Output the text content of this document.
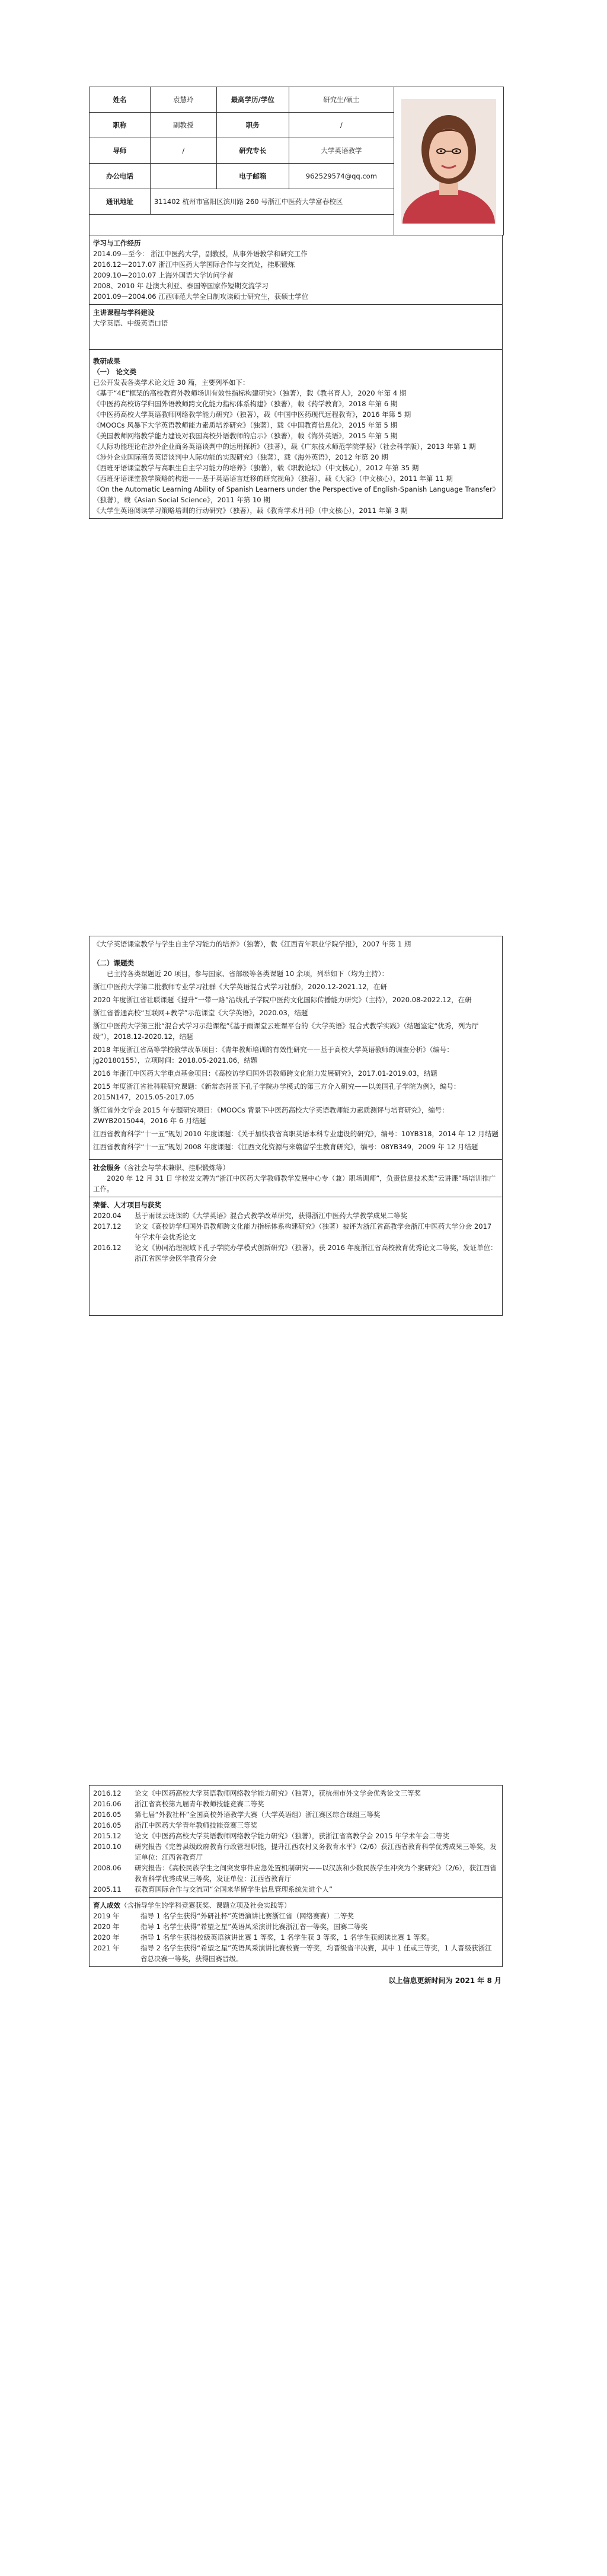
姓名	袁慧玲	最高学历/学位	研究生/硕士	

职称	副教授	职务	/	
导师	/	研究专长	大学英语教学	
办公电话		电子邮箱	962529574@qq.com	
通讯地址	311402 杭州市富阳区滨川路 260 号浙江中医药大学富春校区			

学习与工作经历
2014.09—至今： 浙江中医药大学，副教授，从事外语教学和研究工作
2016.12—2017.07 浙江中医药大学国际合作与交流处，挂职锻炼
2009.10—2010.07 上海外国语大学访问学者
2008、2010 年 赴澳大利亚、泰国等国家作短期交流学习
2001.09—2004.06 江西师范大学全日制攻读硕士研究生，获硕士学位
主讲课程与学科建设
大学英语、中级英语口语
教研成果
（一） 论文类
已公开发表各类学术论文近 30 篇，主要列举如下：
《基于“4E”框架的高校教育外教师场训有效性指标构建研究》（独著），载《教书育人》，2020 年第 4 期
《中医药高校访学归国外语教师跨文化能力指标体系构建》（独著），载《药学教育》，2018 年第 6 期
《中医药高校大学英语教师网络教学能力研究》（独著），载《中国中医药现代远程教育》，2016 年第 5 期
《MOOCs 风暴下大学英语教师能力素质培养研究》（独著），载《中国教育信息化》，2015 年第 5 期
《美国教师网络教学能力建设对我国高校外语教师的启示》（独著），载《海外英语》，2015 年第 5 期
《人际功能理论在涉外企业商务英语谈判中的运用探析》（独著），载《广东技术师范学院学报》（社会科学版），2013 年第 1 期
《涉外企业国际商务英语谈判中人际功能的实现研究》（独著），载《海外英语》，2012 年第 20 期
《西班牙语课堂教学与高职生自主学习能力的培养》（独著），载《职教论坛》（中文核心），2012 年第 35 期
《西班牙语课堂教学策略的构建——基于英语语言迁移的研究视角》（独著），载《大家》（中文核心），2011 年第 11 期
《On the Automatic Learning Ability of Spanish Learners under the Perspective of English-Spanish Language Transfer》（独著），载《Asian Social Science》，2011 年第 10 期
《大学生英语阅读学习策略培训的行动研究》（独著），载《教育学术月刊》（中文核心），2011 年第 3 期
《大学英语课堂教学与学生自主学习能力的培养》（独著），载《江西青年职业学院学报》，2007 年第 1 期
（二）课题类
已主持各类课题近 20 项目，参与国家、省部级等各类课题 10 余项，列举如下（均为主持）：
浙江中医药大学第二批教师专业学习社群《大学英语混合式学习社群》，2020.12-2021.12，在研
2020 年度浙江省社联课题《提升“一带一路”沿线孔子学院中医药文化国际传播能力研究》（主持），2020.08-2022.12，在研
浙江省普通高校“互联网+教学”示范课堂《大学英语》，2020.03，结题
浙江中医药大学第三批“混合式学习示范课程”《基于雨课堂云班课平台的《大学英语》混合式教学实践》（结题鉴定“优秀，列为厅级”），2018.12-2020.12，结题
2018 年度浙江省高等学校教学改革项目：《青年教师培训的有效性研究——基于高校大学英语教师的调查分析》（编号：jg20180155），立项时间：2018.05-2021.06，结题
2016 年浙江中医药大学重点基金项目：《高校访学归国外语教师跨文化能力发展研究》，2017.01-2019.03，结题
2015 年度浙江省社科联研究课题：《新常态背景下孔子学院办学模式的第三方介入研究——以美国孔子学院为例》，编号：2015N147，2015.05-2017.05
浙江省外文学会 2015 年专题研究项目：《MOOCs 背景下中医药高校大学英语教师能力素质测评与培育研究》，编号：ZWYB2015044，2016 年 6 月结题
江西省教育科学“十一五”规划 2010 年度课题：《关于加快我省高职英语本科专业建设的研究》，编号：10YB318，2014 年 12 月结题
江西省教育科学“十一五”规划 2008 年度课题：《江西文化资源与来赣留学生教育研究》，编号：08YB349，2009 年 12 月结题
社会服务（含社会与学术兼职、挂职锻炼等）
2020 年 12 月 31 日 学校发文聘为“浙江中医药大学教师教学发展中心专（兼）职场训师”，负责信息技术类“云讲课”场培训推广工作。
荣誉、人才项目与获奖
2020.04	基于雨课云班课的《大学英语》混合式教学改革研究，获得浙江中医药大学教学成果二等奖
2017.12	论文《高校访学归国外语教师跨文化能力指标体系构建研究》（独著）被评为浙江省高教学会浙江中医药大学分会 2017 年学术年会优秀论文
2016.12	论文《协同治理视域下孔子学院办学模式创新研究》（独著），获 2016 年度浙江省高校教育优秀论文二等奖，发证单位：浙江省医学会医学教育分会
2016.12	论文《中医药高校大学英语教师网络教学能力研究》（独著），获杭州市外文学会优秀论文三等奖
2016.06	浙江省高校第九届青年教师技能竞赛二等奖
2016.05	第七届“外教社杯”全国高校外语教学大赛（大学英语组）浙江赛区综合课组三等奖
2016.05	浙江中医药大学青年教师技能竞赛三等奖
2015.12	论文《中医药高校大学英语教师网络教学能力研究》（独著），获浙江省高教学会 2015 年学术年会二等奖
2010.10	研究报告《完善县级政府教育行政管理职能，提升江西农村义务教育水平》（2/6）获江西省教育科学优秀成果三等奖，发证单位：江西省教育厅
2008.06	研究报告：《高校民族学生之间突发事件应急处置机制研究——以汉族和少数民族学生冲突为个案研究》（2/6），获江西省教育科学优秀成果三等奖，发证单位：江西省教育厅
2005.11	获教育国际合作与交流司“全国来华留学生信息管理系统先进个人”
育人成效（含指导学生的学科竞赛获奖、课题立项及社会实践等）
2019 年	指导 1 名学生获得“外研社杯”英语演讲比赛浙江省（网络赛赛）二等奖
2020 年	指导 1 名学生获得“希望之星”英语风采演讲比赛浙江省一等奖，国赛二等奖
2020 年	指导 1 名学生获得校级英语演讲比赛 1 等奖，1 名学生获 3 等奖，1 名学生获阅读比赛 1 等奖。
2021 年	指导 2 名学生获得“希望之星”英语风采演讲比赛校赛一等奖，均晋级省半决赛，其中 1 任或三等奖，1 人晋级获浙江省总决赛一等奖，获得国赛晋级。
以上信息更新时间为 2021 年 8 月
